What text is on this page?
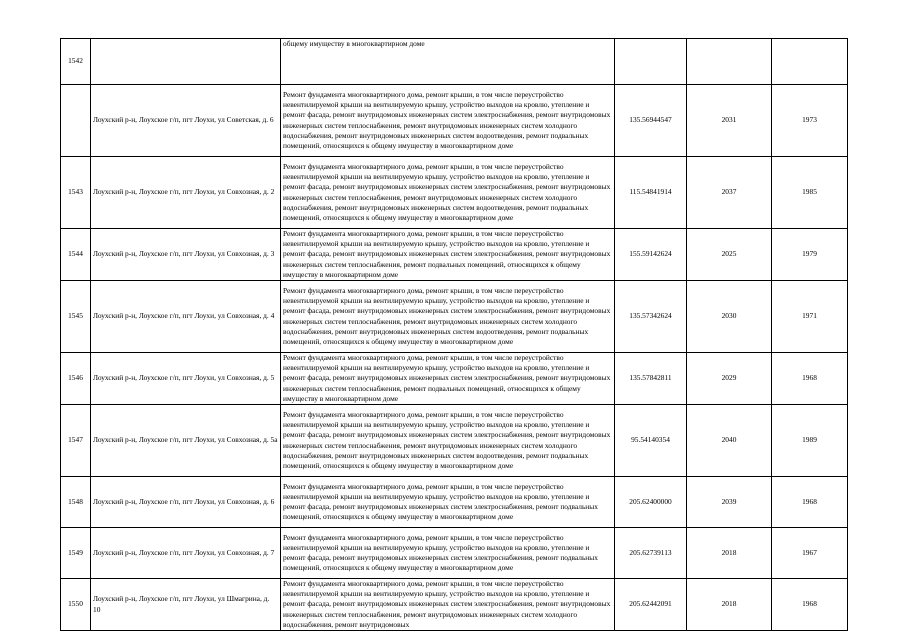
1542		общему имуществу в многоквартирном доме			
	Лоухский р-н, Лоухское г/п, пгт Лоухи, ул Советская, д. 6	Ремонт фундамента многоквартирного дома, ремонт крыши, в том числе переустройство невентилируемой крыши на вентилируемую крышу, устройство выходов на кровлю, утепление и ремонт фасада, ремонт внутридомовых инженерных систем электроснабжения, ремонт внутридомовых инженерных систем теплоснабжения, ремонт внутридомовых инженерных систем холодного водоснабжения, ремонт внутридомовых инженерных систем водоотведения, ремонт подвальных помещений, относящихся к общему имуществу в многоквартирном доме	135.56944547	2031	1973
1543	Лоухский р-н, Лоухское г/п, пгт Лоухи, ул Совхозная, д. 2	Ремонт фундамента многоквартирного дома, ремонт крыши, в том числе переустройство невентилируемой крыши на вентилируемую крышу, устройство выходов на кровлю, утепление и ремонт фасада, ремонт внутридомовых инженерных систем электроснабжения, ремонт внутридомовых инженерных систем теплоснабжения, ремонт внутридомовых инженерных систем холодного водоснабжения, ремонт внутридомовых инженерных систем водоотведения, ремонт подвальных помещений, относящихся к общему имуществу в многоквартирном доме	115.54841914	2037	1985
1544	Лоухский р-н, Лоухское г/п, пгт Лоухи, ул Совхозная, д. 3	Ремонт фундамента многоквартирного дома, ремонт крыши, в том числе переустройство невентилируемой крыши на вентилируемую крышу, устройство выходов на кровлю, утепление и ремонт фасада, ремонт внутридомовых инженерных систем электроснабжения, ремонт внутридомовых инженерных систем теплоснабжения, ремонт подвальных помещений, относящихся к общему имуществу в многоквартирном доме	155.59142624	2025	1979
1545	Лоухский р-н, Лоухское г/п, пгт Лоухи, ул Совхозная, д. 4	Ремонт фундамента многоквартирного дома, ремонт крыши, в том числе переустройство невентилируемой крыши на вентилируемую крышу, устройство выходов на кровлю, утепление и ремонт фасада, ремонт внутридомовых инженерных систем электроснабжения, ремонт внутридомовых инженерных систем теплоснабжения, ремонт внутридомовых инженерных систем холодного водоснабжения, ремонт внутридомовых инженерных систем водоотведения, ремонт подвальных помещений, относящихся к общему имуществу в многоквартирном доме	135.57342624	2030	1971
1546	Лоухский р-н, Лоухское г/п, пгт Лоухи, ул Совхозная, д. 5	Ремонт фундамента многоквартирного дома, ремонт крыши, в том числе переустройство невентилируемой крыши на вентилируемую крышу, устройство выходов на кровлю, утепление и ремонт фасада, ремонт внутридомовых инженерных систем электроснабжения, ремонт внутридомовых инженерных систем теплоснабжения, ремонт подвальных помещений, относящихся к общему имуществу в многоквартирном доме	135.57842811	2029	1968
1547	Лоухский р-н, Лоухское г/п, пгт Лоухи, ул Совхозная, д. 5а	Ремонт фундамента многоквартирного дома, ремонт крыши, в том числе переустройство невентилируемой крыши на вентилируемую крышу, устройство выходов на кровлю, утепление и ремонт фасада, ремонт внутридомовых инженерных систем электроснабжения, ремонт внутридомовых инженерных систем теплоснабжения, ремонт внутридомовых инженерных систем холодного водоснабжения, ремонт внутридомовых инженерных систем водоотведения, ремонт подвальных помещений, относящихся к общему имуществу в многоквартирном доме	95.54140354	2040	1989
1548	Лоухский р-н, Лоухское г/п, пгт Лоухи, ул Совхозная, д. 6	Ремонт фундамента многоквартирного дома, ремонт крыши, в том числе переустройство невентилируемой крыши на вентилируемую крышу, устройство выходов на кровлю, утепление и ремонт фасада, ремонт внутридомовых инженерных систем электроснабжения, ремонт подвальных помещений, относящихся к общему имуществу в многоквартирном доме	205.62400000	2039	1968
1549	Лоухский р-н, Лоухское г/п, пгт Лоухи, ул Совхозная, д. 7	Ремонт фундамента многоквартирного дома, ремонт крыши, в том числе переустройство невентилируемой крыши на вентилируемую крышу, устройство выходов на кровлю, утепление и ремонт фасада, ремонт внутридомовых инженерных систем электроснабжения, ремонт подвальных помещений, относящихся к общему имуществу в многоквартирном доме	205.62739113	2018	1967
1550	Лоухский р-н, Лоухское г/п, пгт Лоухи, ул Шмагрина, д. 10	Ремонт фундамента многоквартирного дома, ремонт крыши, в том числе переустройство невентилируемой крыши на вентилируемую крышу, устройство выходов на кровлю, утепление и ремонт фасада, ремонт внутридомовых инженерных систем электроснабжения, ремонт внутридомовых инженерных систем теплоснабжения, ремонт внутридомовых инженерных систем холодного водоснабжения, ремонт внутридомовых	205.62442091	2018	1968
